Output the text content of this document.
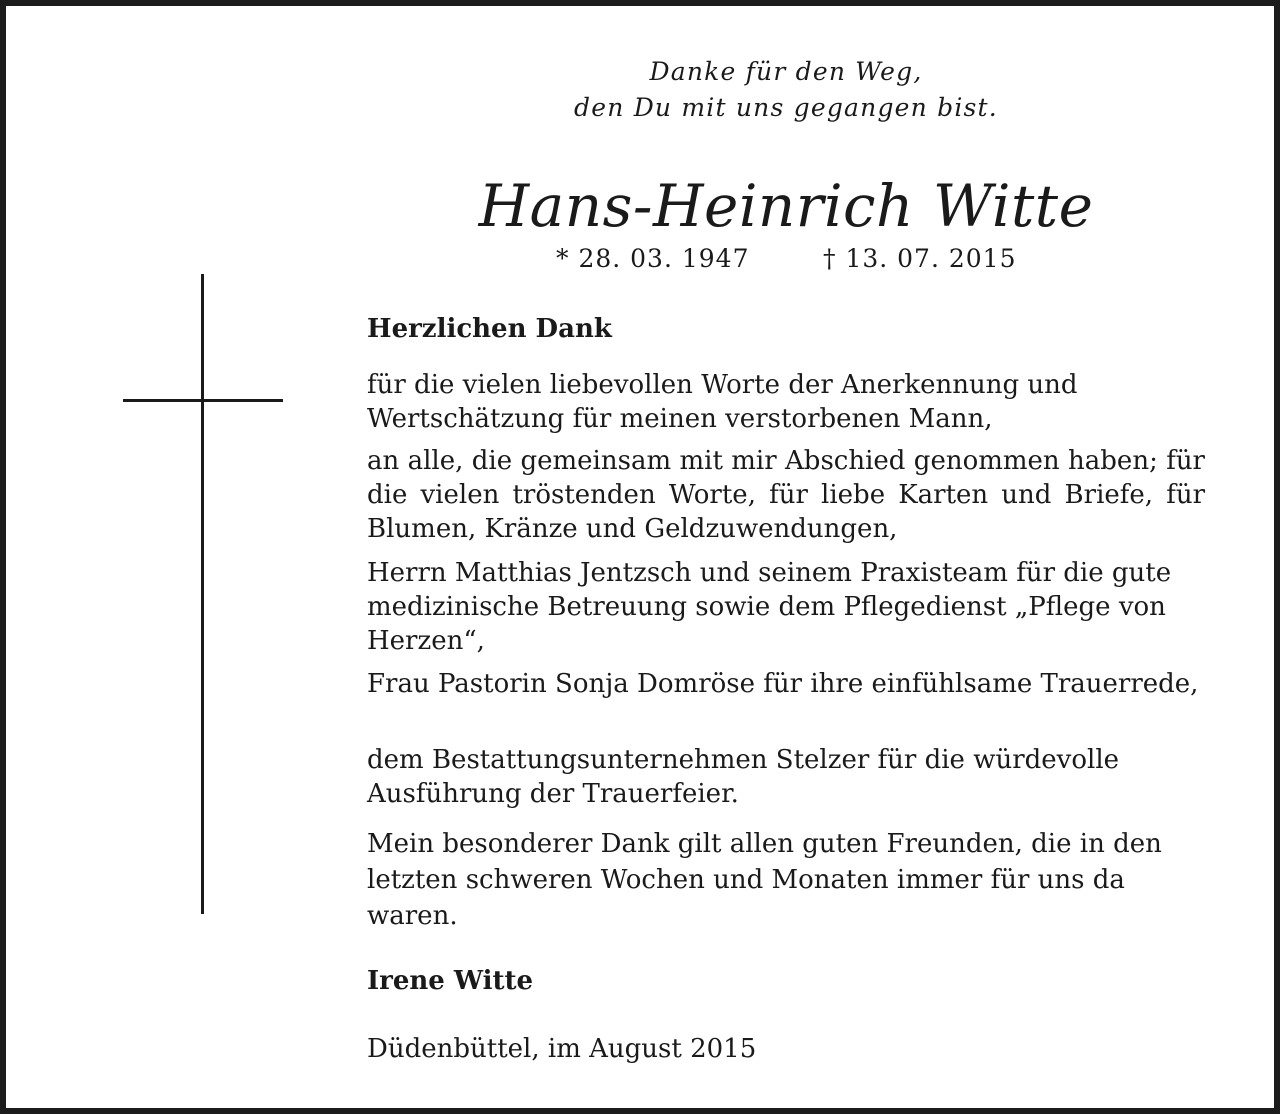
Danke für den Weg,
den Du mit uns gegangen bist.
Hans-Heinrich Witte
* 28. 03. 1947	† 13. 07. 2015
Herzlichen Dank
für die vielen liebevollen Worte der Anerkennung und Wertschätzung für meinen verstorbenen Mann,
an alle, die gemeinsam mit mir Abschied genommen haben; für die vielen tröstenden Worte, für liebe Karten und Briefe, für Blumen, Kränze und Geldzuwendungen,
Herrn Matthias Jentzsch und seinem Praxisteam für die gute medizinische Betreuung sowie dem Pflegedienst „Pflege von Herzen“,
Frau Pastorin Sonja Domröse für ihre einfühlsame Trauerrede,
dem Bestattungsunternehmen Stelzer für die würdevolle Ausführung der Trauerfeier.
Mein besonderer Dank gilt allen guten Freunden, die in den letzten schweren Wochen und Monaten immer für uns da waren.
Irene Witte
Düdenbüttel, im August 2015
